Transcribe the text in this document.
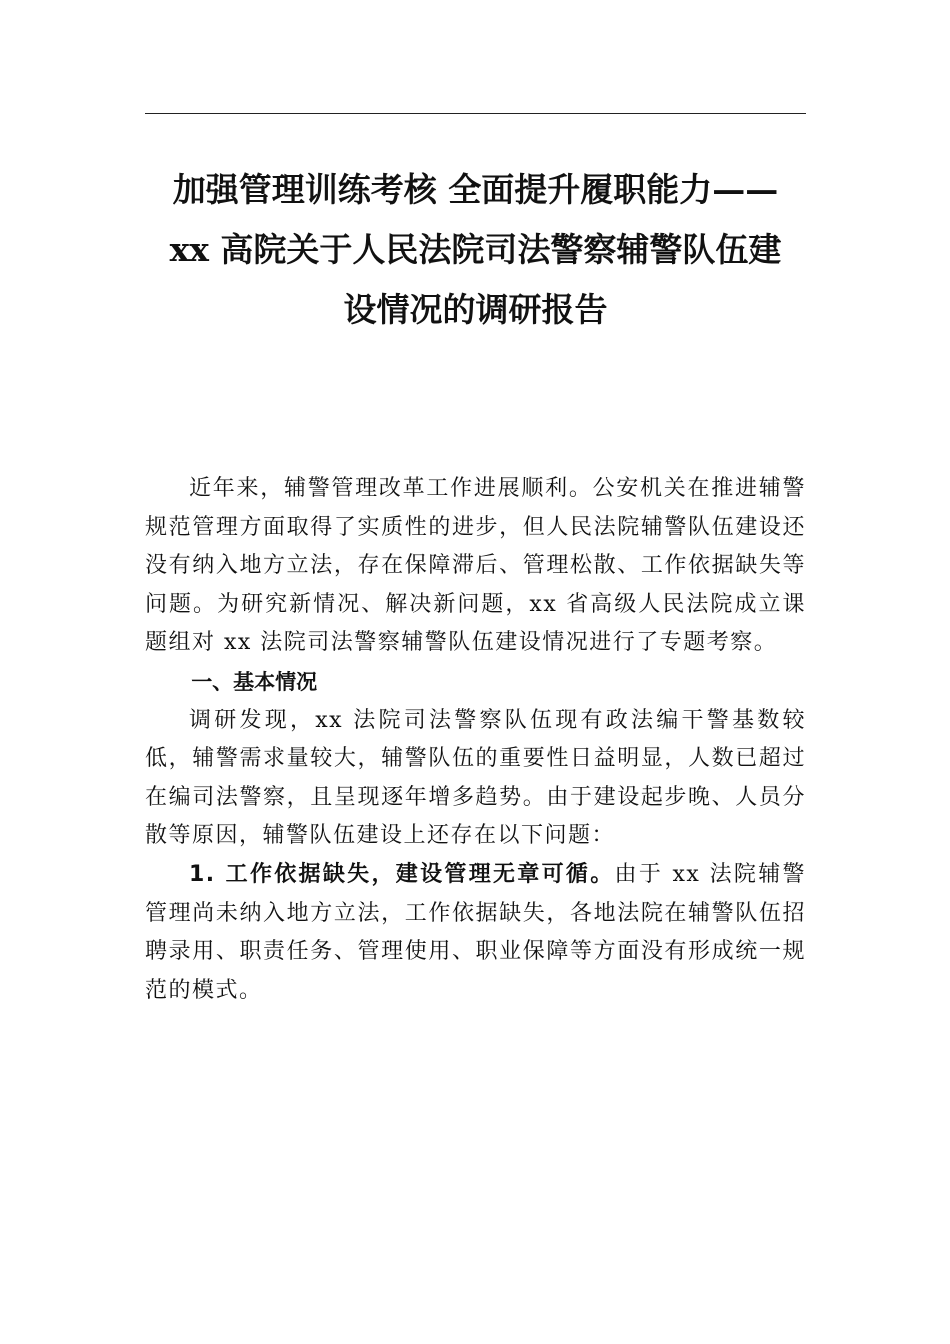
加强管理训练考核 全面提升履职能力——
xx 高院关于人民法院司法警察辅警队伍建
设情况的调研报告

近年来，辅警管理改革工作进展顺利。公安机关在推进辅警规范管理方面取得了实质性的进步，但人民法院辅警队伍建设还没有纳入地方立法，存在保障滞后、管理松散、工作依据缺失等问题。为研究新情况、解决新问题，xx 省高级人民法院成立课题组对 xx 法院司法警察辅警队伍建设情况进行了专题考察。

一、基本情况

调研发现，xx 法院司法警察队伍现有政法编干警基数较低，辅警需求量较大，辅警队伍的重要性日益明显，人数已超过在编司法警察，且呈现逐年增多趋势。由于建设起步晚、人员分散等原因，辅警队伍建设上还存在以下问题：

1. 工作依据缺失，建设管理无章可循。由于 xx 法院辅警管理尚未纳入地方立法，工作依据缺失，各地法院在辅警队伍招聘录用、职责任务、管理使用、职业保障等方面没有形成统一规范的模式。
